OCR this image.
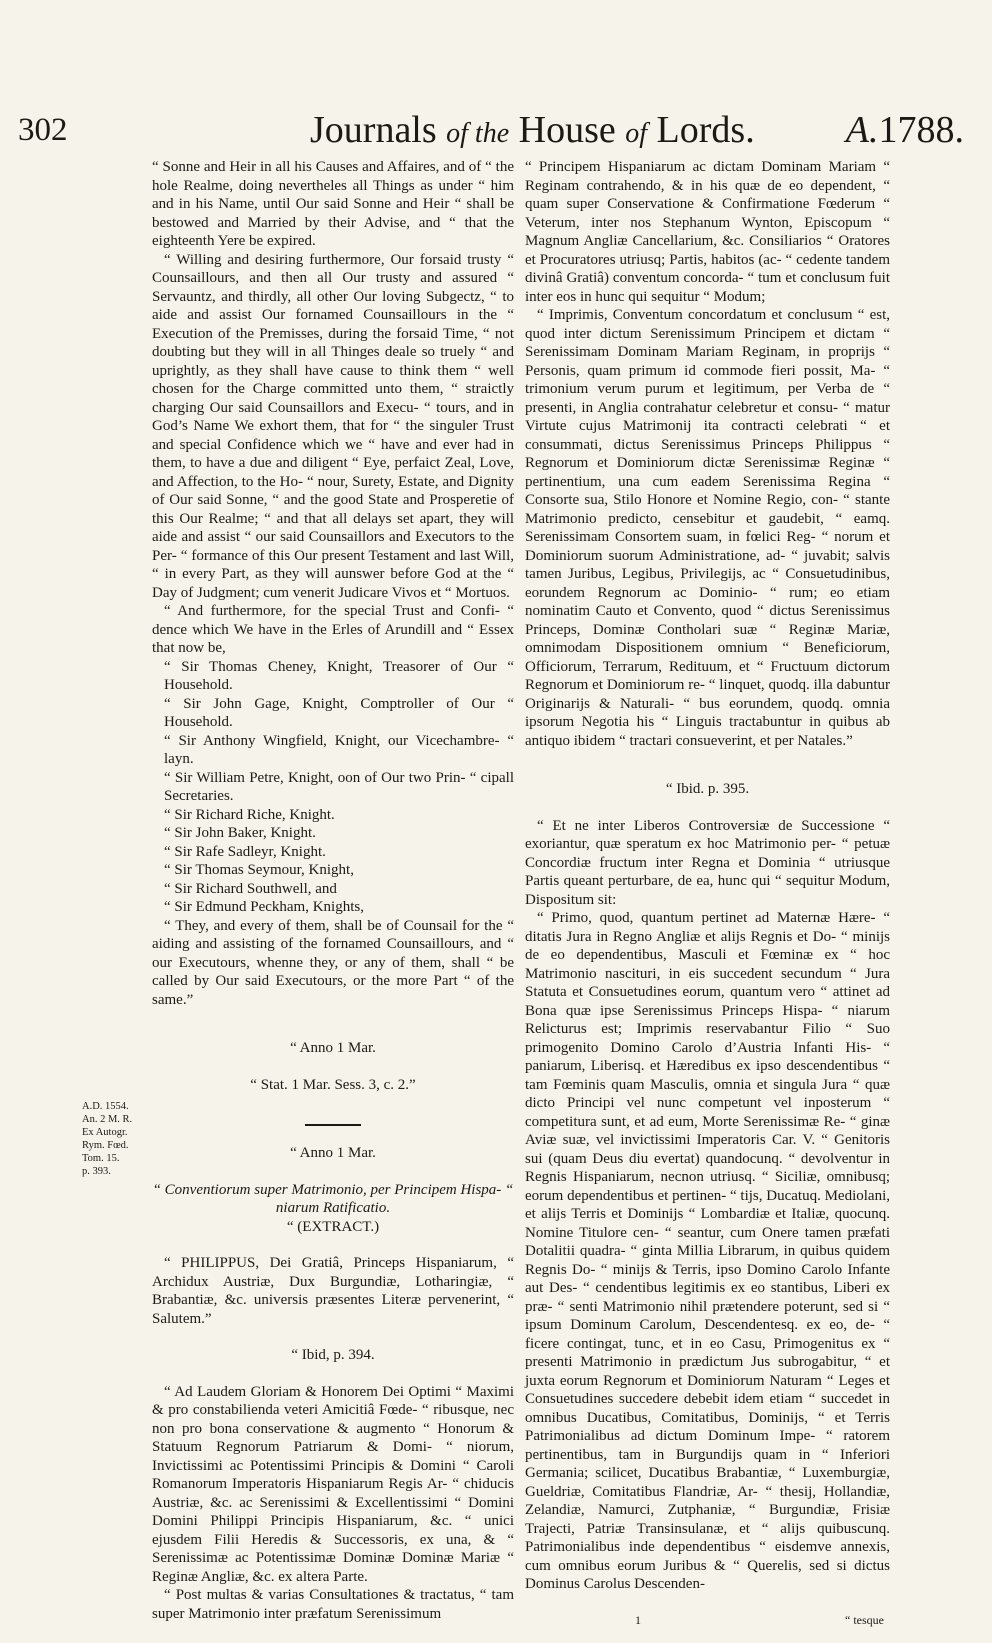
302	Journals of the House of Lords. A.1788.

“ Sonne and Heir in all his Causes and Affaires, and of “ the hole Realme, doing nevertheles all Things as under “ him and in his Name, until Our said Sonne and Heir “ shall be bestowed and Married by their Advise, and “ that the eighteenth Yere be expired.

“ Willing and desiring furthermore, Our forsaid trusty “ Counsaillours, and then all Our trusty and assured “ Servauntz, and thirdly, all other Our loving Subgectz, “ to aide and assist Our fornamed Counsaillours in the “ Execution of the Premisses, during the forsaid Time, “ not doubting but they will in all Thinges deale so truely “ and uprightly, as they shall have cause to think them “ well chosen for the Charge committed unto them, “ straictly charging Our said Counsaillors and Execu- “ tours, and in God’s Name We exhort them, that for “ the singuler Trust and special Confidence which we “ have and ever had in them, to have a due and diligent “ Eye, perfaict Zeal, Love, and Affection, to the Ho- “ nour, Surety, Estate, and Dignity of Our said Sonne, “ and the good State and Prosperetie of this Our Realme; “ and that all delays set apart, they will aide and assist “ our said Counsaillors and Executors to the Per- “ formance of this Our present Testament and last Will, “ in every Part, as they will aunswer before God at the “ Day of Judgment; cum venerit Judicare Vivos et “ Mortuos.

“ And furthermore, for the special Trust and Confi- “ dence which We have in the Erles of Arundill and “ Essex that now be,

“ Sir Thomas Cheney, Knight, Treasorer of Our “ Household.

“ Sir John Gage, Knight, Comptroller of Our “ Household.

“ Sir Anthony Wingfield, Knight, our Vicechambre- “ layn.

“ Sir William Petre, Knight, oon of Our two Prin- “ cipall Secretaries.

“ Sir Richard Riche, Knight.

“ Sir John Baker, Knight.

“ Sir Rafe Sadleyr, Knight.

“ Sir Thomas Seymour, Knight,

“ Sir Richard Southwell, and

“ Sir Edmund Peckham, Knights,

“ They, and every of them, shall be of Counsail for the “ aiding and assisting of the fornamed Counsaillours, and “ our Executours, whenne they, or any of them, shall “ be called by Our said Executours, or the more Part “ of the same.”

“ Anno 1 Mar.

“ Stat. 1 Mar. Sess. 3, c. 2.”

“ Anno 1 Mar.

“ Conventiorum super Matrimonio, per Principem Hispa- “ niarum Ratificatio.

“ (EXTRACT.)

“ PHILIPPUS, Dei Gratiâ, Princeps Hispaniarum, “ Archidux Austriæ, Dux Burgundiæ, Lotharingiæ, “ Brabantiæ, &c. universis præsentes Literæ pervenerint, “ Salutem.”

“ Ibid, p. 394.

“ Ad Laudem Gloriam & Honorem Dei Optimi “ Maximi & pro constabilienda veteri Amicitiâ Fœde- “ ribusque, nec non pro bona conservatione & augmento “ Honorum & Statuum Regnorum Patriarum & Domi- “ niorum, Invictissimi ac Potentissimi Principis & Domini “ Caroli Romanorum Imperatoris Hispaniarum Regis Ar- “ chiducis Austriæ, &c. ac Serenissimi & Excellentissimi “ Domini Domini Philippi Principis Hispaniarum, &c. “ unici ejusdem Filii Heredis & Successoris, ex una, & “ Serenissimæ ac Potentissimæ Dominæ Dominæ Mariæ “ Reginæ Angliæ, &c. ex altera Parte.

“ Post multas & varias Consultationes & tractatus, “ tam super Matrimonio inter præfatum Serenissimum

A.D. 1554.
An. 2 M. R.
Ex Autogr.
Rym. Fœd.
Tom. 15.
p. 393.

“ Principem Hispaniarum ac dictam Dominam Mariam “ Reginam contrahendo, & in his quæ de eo dependent, “ quam super Conservatione & Confirmatione Fœderum “ Veterum, inter nos Stephanum Wynton, Episcopum “ Magnum Angliæ Cancellarium, &c. Consiliarios “ Oratores et Procuratores utriusq; Partis, habitos (ac- “ cedente tandem divinâ Gratiâ) conventum concorda- “ tum et conclusum fuit inter eos in hunc qui sequitur “ Modum;

“ Imprimis, Conventum concordatum et conclusum “ est, quod inter dictum Serenissimum Principem et dictam “ Serenissimam Dominam Mariam Reginam, in proprijs “ Personis, quam primum id commode fieri possit, Ma- “ trimonium verum purum et legitimum, per Verba de “ presenti, in Anglia contrahatur celebretur et consu- “ matur Virtute cujus Matrimonij ita contracti celebrati “ et consummati, dictus Serenissimus Princeps Philippus “ Regnorum et Dominiorum dictæ Serenissimæ Reginæ “ pertinentium, una cum eadem Serenissima Regina “ Consorte sua, Stilo Honore et Nomine Regio, con- “ stante Matrimonio predicto, censebitur et gaudebit, “ eamq. Serenissimam Consortem suam, in fœlici Reg- “ norum et Dominiorum suorum Administratione, ad- “ juvabit; salvis tamen Juribus, Legibus, Privilegijs, ac “ Consuetudinibus, eorundem Regnorum ac Dominio- “ rum; eo etiam nominatim Cauto et Convento, quod “ dictus Serenissimus Princeps, Dominæ Contholari suæ “ Reginæ Mariæ, omnimodam Dispositionem omnium “ Beneficiorum, Officiorum, Terrarum, Redituum, et “ Fructuum dictorum Regnorum et Dominiorum re- “ linquet, quodq. illa dabuntur Originarijs & Naturali- “ bus eorundem, quodq. omnia ipsorum Negotia his “ Linguis tractabuntur in quibus ab antiquo ibidem “ tractari consueverint, et per Natales.”

“ Ibid. p. 395.

“ Et ne inter Liberos Controversiæ de Successione “ exoriantur, quæ speratum ex hoc Matrimonio per- “ petuæ Concordiæ fructum inter Regna et Dominia “ utriusque Partis queant perturbare, de ea, hunc qui “ sequitur Modum, Dispositum sit:

“ Primo, quod, quantum pertinet ad Maternæ Hære- “ ditatis Jura in Regno Angliæ et alijs Regnis et Do- “ minijs de eo dependentibus, Masculi et Fœminæ ex “ hoc Matrimonio nascituri, in eis succedent secundum “ Jura Statuta et Consuetudines eorum, quantum vero “ attinet ad Bona quæ ipse Serenissimus Princeps Hispa- “ niarum Relicturus est; Imprimis reservabantur Filio “ Suo primogenito Domino Carolo d’Austria Infanti His- “ paniarum, Liberisq. et Hæredibus ex ipso descendentibus “ tam Fœminis quam Masculis, omnia et singula Jura “ quæ dicto Principi vel nunc competunt vel inposterum “ competitura sunt, et ad eum, Morte Serenissimæ Re- “ ginæ Aviæ suæ, vel invictissimi Imperatoris Car. V. “ Genitoris sui (quam Deus diu evertat) quandocunq. “ devolventur in Regnis Hispaniarum, necnon utriusq. “ Siciliæ, omnibusq; eorum dependentibus et pertinen- “ tijs, Ducatuq. Mediolani, et alijs Terris et Dominijs “ Lombardiæ et Italiæ, quocunq. Nomine Titulore cen- “ seantur, cum Onere tamen præfati Dotalitii quadra- “ ginta Millia Librarum, in quibus quidem Regnis Do- “ minijs & Terris, ipso Domino Carolo Infante aut Des- “ cendentibus legitimis ex eo stantibus, Liberi ex præ- “ senti Matrimonio nihil prætendere poterunt, sed si “ ipsum Dominum Carolum, Descendentesq. ex eo, de- “ ficere contingat, tunc, et in eo Casu, Primogenitus ex “ presenti Matrimonio in prædictum Jus subrogabitur, “ et juxta eorum Regnorum et Dominiorum Naturam “ Leges et Consuetudines succedere debebit idem etiam “ succedet in omnibus Ducatibus, Comitatibus, Dominijs, “ et Terris Patrimonialibus ad dictum Dominum Impe- “ ratorem pertinentibus, tam in Burgundijs quam in “ Inferiori Germania; scilicet, Ducatibus Brabantiæ, “ Luxemburgiæ, Gueldriæ, Comitatibus Flandriæ, Ar- “ thesij, Hollandiæ, Zelandiæ, Namurci, Zutphaniæ, “ Burgundiæ, Frisiæ Trajecti, Patriæ Transinsulanæ, et “ alijs quibuscunq. Patrimonialibus inde dependentibus “ eisdemve annexis, cum omnibus eorum Juribus & “ Querelis, sed si dictus Dominus Carolus Descenden-

1	“ tesque
